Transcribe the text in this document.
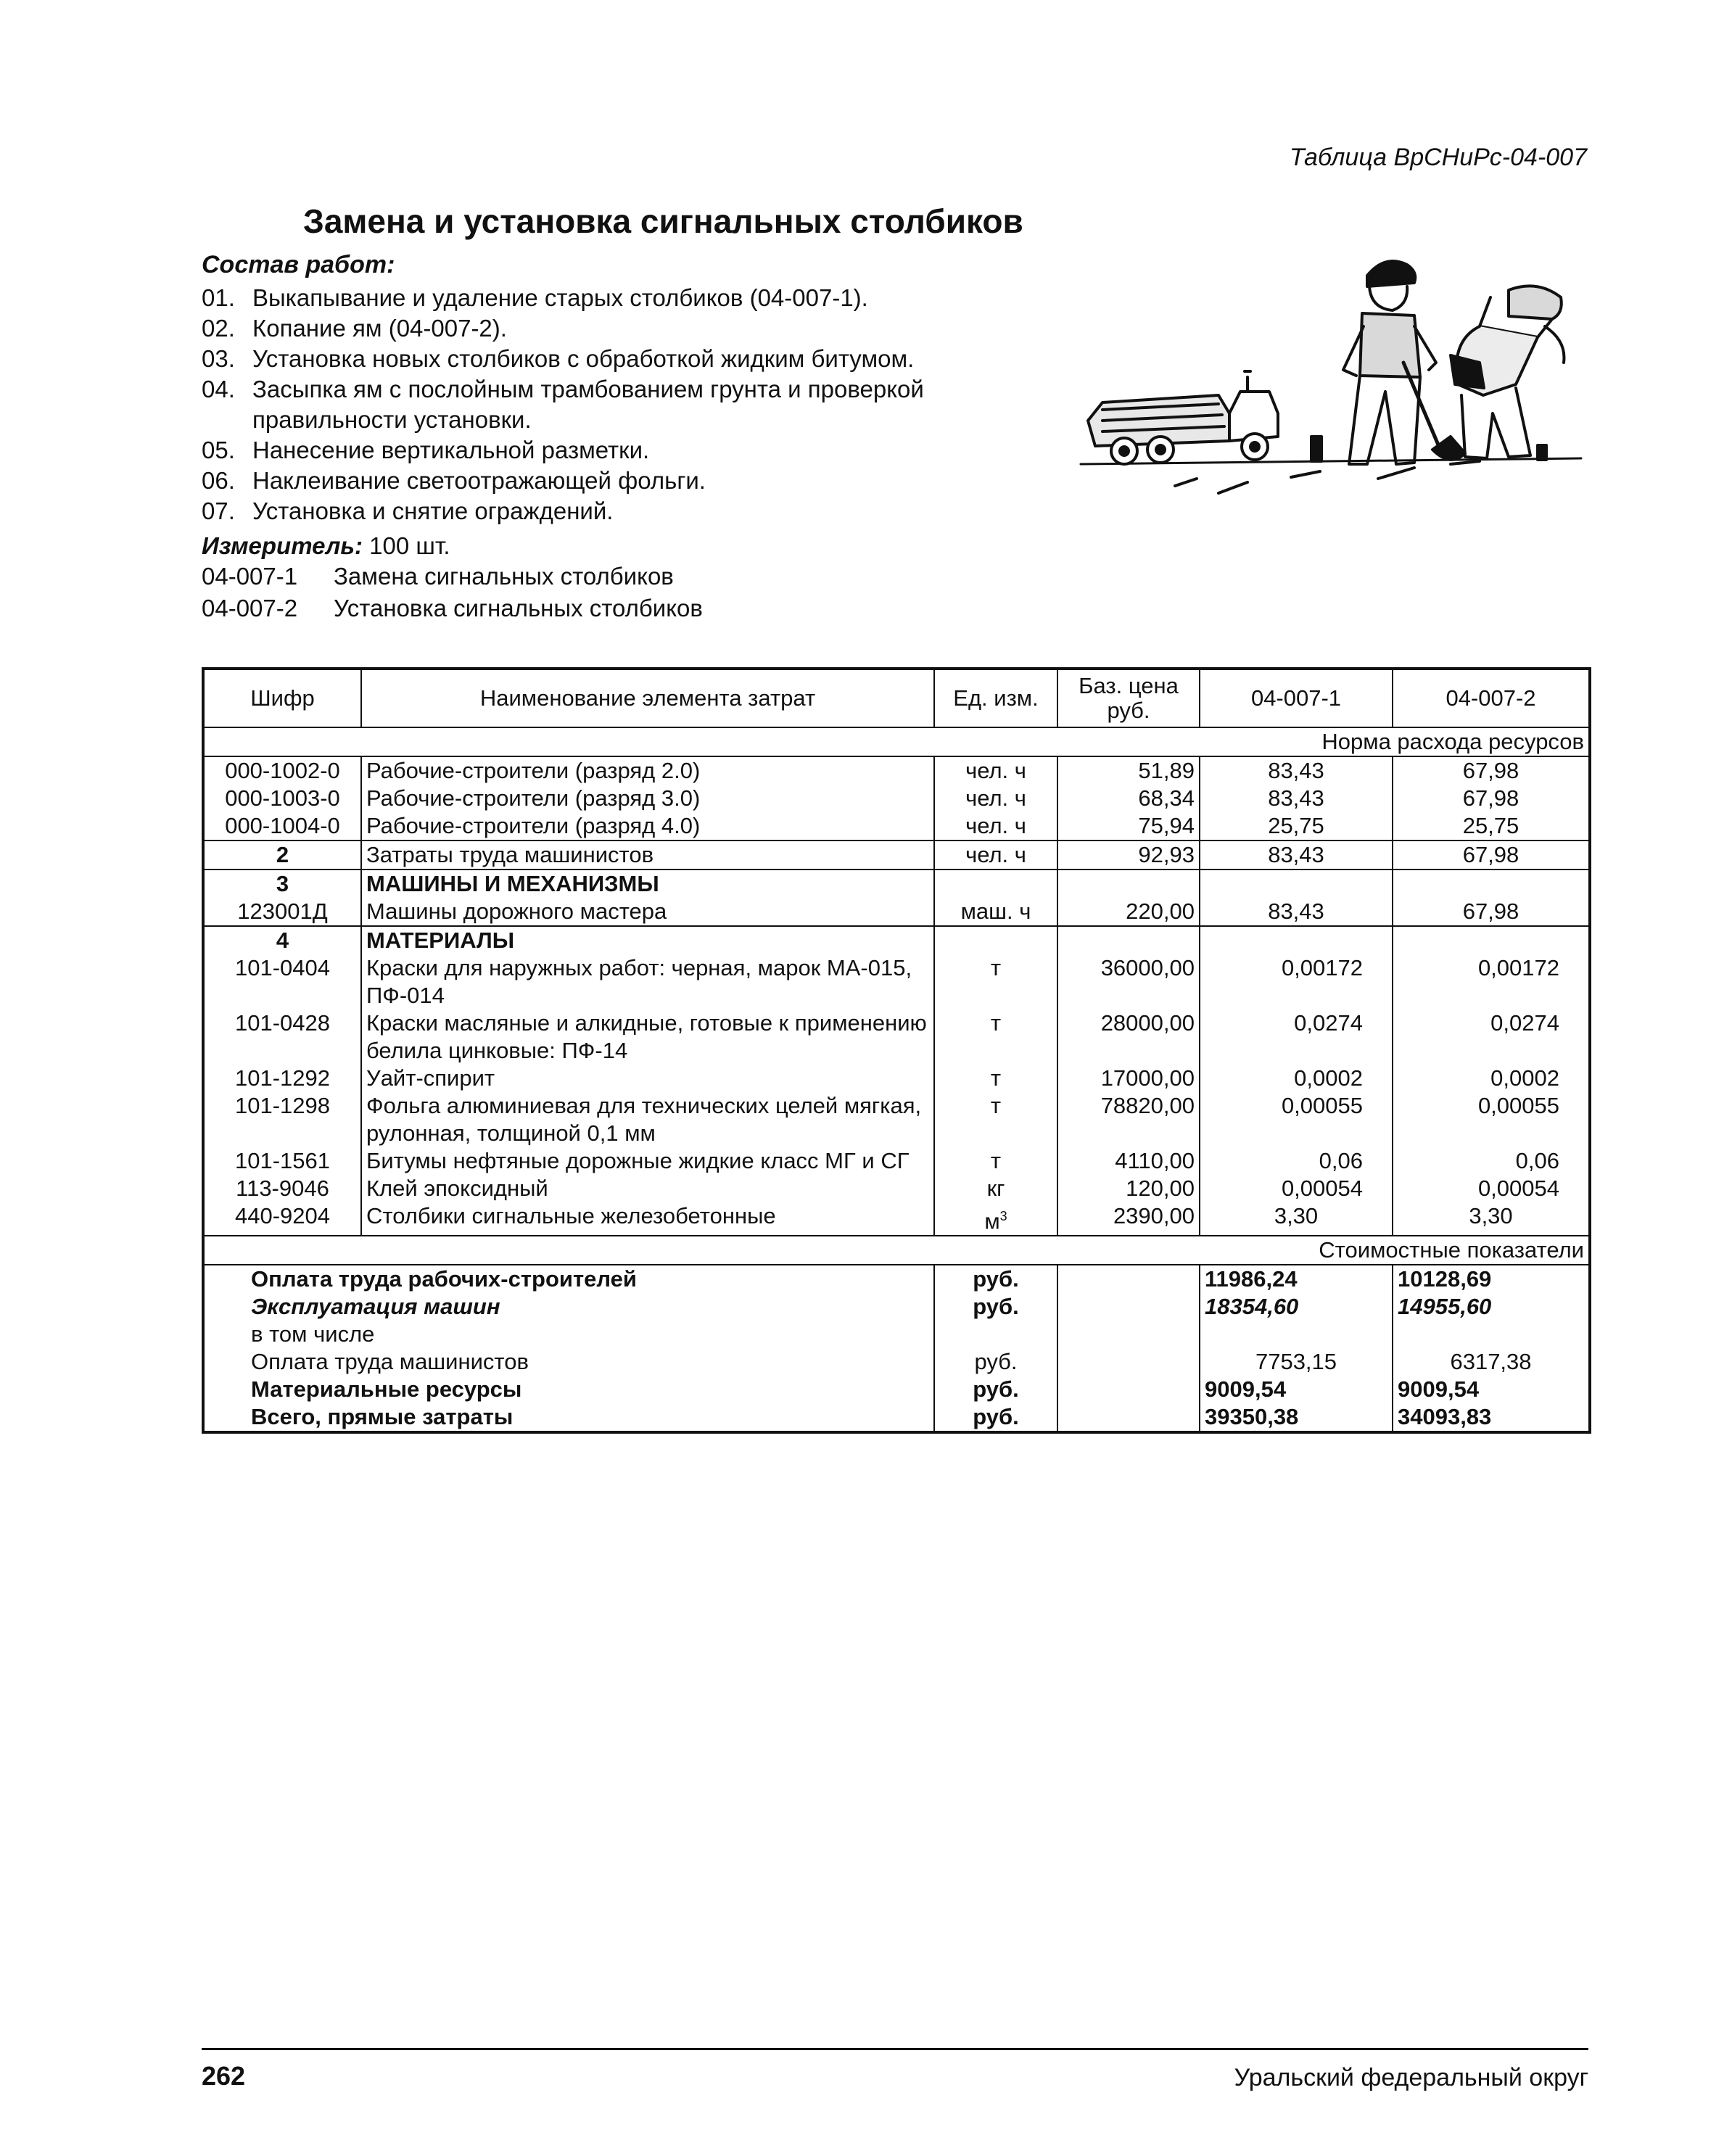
Таблица ВрСНиРс-04-007
Замена и установка сигнальных столбиков
Состав работ:
01. Выкапывание и удаление старых столбиков (04-007-1).
02. Копание ям (04-007-2).
03. Установка новых столбиков с обработкой жидким битумом.
04. Засыпка ям с послойным трамбованием грунта и проверкой правильности установки.
05. Нанесение вертикальной разметки.
06. Наклеивание светоотражающей фольги.
07. Установка и снятие ограждений.
Измеритель: 100 шт.
04-007-1 Замена сигнальных столбиков
04-007-2 Установка сигнальных столбиков
Шифр	Наименование элемента затрат	Ед. изм.	Баз. цена руб.	04-007-1	04-007-2
				Норма расхода ресурсов	
000-1002-0	Рабочие-строители (разряд 2.0)	чел. ч	51,89	83,43	67,98
000-1003-0	Рабочие-строители (разряд 3.0)	чел. ч	68,34	83,43	67,98
000-1004-0	Рабочие-строители (разряд 4.0)	чел. ч	75,94	25,75	25,75
2	Затраты труда машинистов	чел. ч	92,93	83,43	67,98
3	МАШИНЫ И МЕХАНИЗМЫ				
123001Д	Машины дорожного мастера	маш. ч	220,00	83,43	67,98
4	МАТЕРИАЛЫ				
101-0404	Краски для наружных работ: черная, марок МА-015, ПФ-014	т	36000,00	0,00172	0,00172
101-0428	Краски масляные и алкидные, готовые к применению белила цинковые: ПФ-14	т	28000,00	0,0274	0,0274
101-1292	Уайт-спирит	т	17000,00	0,0002	0,0002
101-1298	Фольга алюминиевая для технических целей мягкая, рулонная, толщиной 0,1 мм	т	78820,00	0,00055	0,00055
101-1561	Битумы нефтяные дорожные жидкие класс МГ и СГ	т	4110,00	0,06	0,06
113-9046	Клей эпоксидный	кг	120,00	0,00054	0,00054
440-9204	Столбики сигнальные железобетонные	$м^3$	2390,00	3,30	3,30
				Стоимостные показатели	
Оплата труда рабочих-строителей		руб.		11986,24	10128,69
Эксплуатация машин		руб.		18354,60	14955,60
в том числе					
Оплата труда машинистов		руб.		7753,15	6317,38
Материальные ресурсы		руб.		9009,54	9009,54
Всего, прямые затраты		руб.		39350,38	34093,83
262	Уральский федеральный округ
